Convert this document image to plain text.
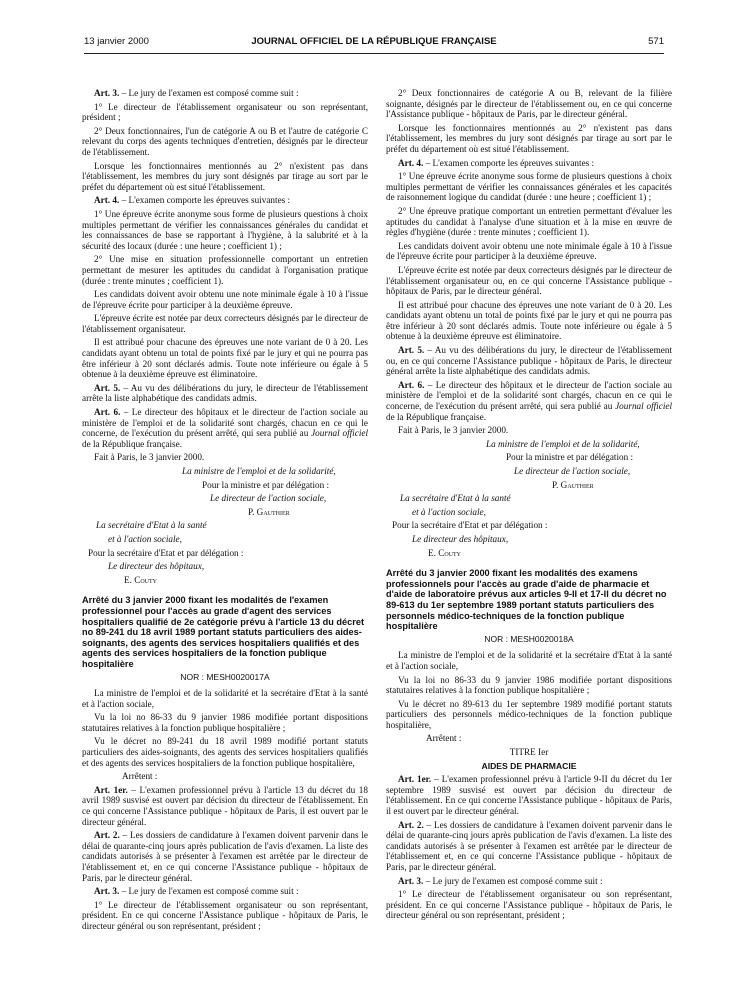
13 janvier 2000	JOURNAL OFFICIEL DE LA RÉPUBLIQUE FRANÇAISE	571

Art. 3. – Le jury de l'examen est composé comme suit :

1° Le directeur de l'établissement organisateur ou son représentant, président ;

2° Deux fonctionnaires, l'un de catégorie A ou B et l'autre de catégorie C relevant du corps des agents techniques d'entretien, désignés par le directeur de l'établissement.

Lorsque les fonctionnaires mentionnés au 2° n'existent pas dans l'établissement, les membres du jury sont désignés par tirage au sort par le préfet du département où est situé l'établissement.

Art. 4. – L'examen comporte les épreuves suivantes :

1° Une épreuve écrite anonyme sous forme de plusieurs questions à choix multiples permettant de vérifier les connaissances générales du candidat et les connaissances de base se rapportant à l'hygiène, à la salubrité et à la sécurité des locaux (durée : une heure ; coefficient 1) ;

2° Une mise en situation professionnelle comportant un entretien permettant de mesurer les aptitudes du candidat à l'organisation pratique (durée : trente minutes ; coefficient 1).

Les candidats doivent avoir obtenu une note minimale égale à 10 à l'issue de l'épreuve écrite pour participer à la deuxième épreuve.

L'épreuve écrite est notée par deux correcteurs désignés par le directeur de l'établissement organisateur.

Il est attribué pour chacune des épreuves une note variant de 0 à 20. Les candidats ayant obtenu un total de points fixé par le jury et qui ne pourra pas être inférieur à 20 sont déclarés admis. Toute note inférieure ou égale à 5 obtenue à la deuxième épreuve est éliminatoire.

Art. 5. – Au vu des délibérations du jury, le directeur de l'établissement arrête la liste alphabétique des candidats admis.

Art. 6. – Le directeur des hôpitaux et le directeur de l'action sociale au ministère de l'emploi et de la solidarité sont chargés, chacun en ce qui le concerne, de l'exécution du présent arrêté, qui sera publié au Journal officiel de la République française.

Fait à Paris, le 3 janvier 2000.

La ministre de l'emploi et de la solidarité,

Pour la ministre et par délégation :

Le directeur de l'action sociale,

P. Gauthier

La secrétaire d'Etat à la santé

et à l'action sociale,

Pour la secrétaire d'Etat et par délégation :

Le directeur des hôpitaux,

E. Couty

Arrêté du 3 janvier 2000 fixant les modalités de l'examen professionnel pour l'accès au grade d'agent des services hospitaliers qualifié de 2e catégorie prévu à l'article 13 du décret no 89-241 du 18 avril 1989 portant statuts particuliers des aides-soignants, des agents des services hospitaliers qualifiés et des agents des services hospitaliers de la fonction publique hospitalière
NOR : MESH0020017A

La ministre de l'emploi et de la solidarité et la secrétaire d'Etat à la santé et à l'action sociale,

Vu la loi no 86-33 du 9 janvier 1986 modifiée portant dispositions statutaires relatives à la fonction publique hospitalière ;

Vu le décret no 89-241 du 18 avril 1989 modifié portant statuts particuliers des aides-soignants, des agents des services hospitaliers qualifiés et des agents des services hospitaliers de la fonction publique hospitalière,

Arrêtent :

Art. 1er. – L'examen professionnel prévu à l'article 13 du décret du 18 avril 1989 susvisé est ouvert par décision du directeur de l'établissement. En ce qui concerne l'Assistance publique - hôpitaux de Paris, il est ouvert par le directeur général.

Art. 2. – Les dossiers de candidature à l'examen doivent parvenir dans le délai de quarante-cinq jours après publication de l'avis d'examen. La liste des candidats autorisés à se présenter à l'examen est arrêtée par le directeur de l'établissement et, en ce qui concerne l'Assistance publique - hôpitaux de Paris, par le directeur général.

Art. 3. – Le jury de l'examen est composé comme suit :

1° Le directeur de l'établissement organisateur ou son représentant, président. En ce qui concerne l'Assistance publique - hôpitaux de Paris, le directeur général ou son représentant, président ;

2° Deux fonctionnaires de catégorie A ou B, relevant de la filière soignante, désignés par le directeur de l'établissement ou, en ce qui concerne l'Assistance publique - hôpitaux de Paris, par le directeur général.

Lorsque les fonctionnaires mentionnés au 2° n'existent pas dans l'établissement, les membres du jury sont désignés par tirage au sort par le préfet du département où est situé l'établissement.

Art. 4. – L'examen comporte les épreuves suivantes :

1° Une épreuve écrite anonyme sous forme de plusieurs questions à choix multiples permettant de vérifier les connaissances générales et les capacités de raisonnement logique du candidat (durée : une heure ; coefficient 1) ;

2° Une épreuve pratique comportant un entretien permettant d'évaluer les aptitudes du candidat à l'analyse d'une situation et à la mise en œuvre de règles d'hygiène (durée : trente minutes ; coefficient 1).

Les candidats doivent avoir obtenu une note minimale égale à 10 à l'issue de l'épreuve écrite pour participer à la deuxième épreuve.

L'épreuve écrite est notée par deux correcteurs désignés par le directeur de l'établissement organisateur ou, en ce qui concerne l'Assistance publique - hôpitaux de Paris, par le directeur général.

Il est attribué pour chacune des épreuves une note variant de 0 à 20. Les candidats ayant obtenu un total de points fixé par le jury et qui ne pourra pas être inférieur à 20 sont déclarés admis. Toute note inférieure ou égale à 5 obtenue à la deuxième épreuve est éliminatoire.

Art. 5. – Au vu des délibérations du jury, le directeur de l'établissement ou, en ce qui concerne l'Assistance publique - hôpitaux de Paris, le directeur général arrête la liste alphabétique des candidats admis.

Art. 6. – Le directeur des hôpitaux et le directeur de l'action sociale au ministère de l'emploi et de la solidarité sont chargés, chacun en ce qui le concerne, de l'exécution du présent arrêté, qui sera publié au Journal officiel de la République française.

Fait à Paris, le 3 janvier 2000.

La ministre de l'emploi et de la solidarité,

Pour la ministre et par délégation :

Le directeur de l'action sociale,

P. Gauthier

La secrétaire d'Etat à la santé

et à l'action sociale,

Pour la secrétaire d'Etat et par délégation :

Le directeur des hôpitaux,

E. Couty

Arrêté du 3 janvier 2000 fixant les modalités des examens professionnels pour l'accès au grade d'aide de pharmacie et d'aide de laboratoire prévus aux articles 9-II et 17-II du décret no 89-613 du 1er septembre 1989 portant statuts particuliers des personnels médico-techniques de la fonction publique hospitalière
NOR : MESH0020018A

La ministre de l'emploi et de la solidarité et la secrétaire d'Etat à la santé et à l'action sociale,

Vu la loi no 86-33 du 9 janvier 1986 modifiée portant dispositions statutaires relatives à la fonction publique hospitalière ;

Vu le décret no 89-613 du 1er septembre 1989 modifié portant statuts particuliers des personnels médico-techniques de la fonction publique hospitalière,

Arrêtent :

TITRE Ier

AIDES DE PHARMACIE

Art. 1er. – L'examen professionnel prévu à l'article 9-II du décret du 1er septembre 1989 susvisé est ouvert par décision du directeur de l'établissement. En ce qui concerne l'Assistance publique - hôpitaux de Paris, il est ouvert par le directeur général.

Art. 2. – Les dossiers de candidature à l'examen doivent parvenir dans le délai de quarante-cinq jours après publication de l'avis d'examen. La liste des candidats autorisés à se présenter à l'examen est arrêtée par le directeur de l'établissement et, en ce qui concerne l'Assistance publique - hôpitaux de Paris, par le directeur général.

Art. 3. – Le jury de l'examen est composé comme suit :

1° Le directeur de l'établissement organisateur ou son représentant, président. En ce qui concerne l'Assistance publique - hôpitaux de Paris, le directeur général ou son représentant, président ;
